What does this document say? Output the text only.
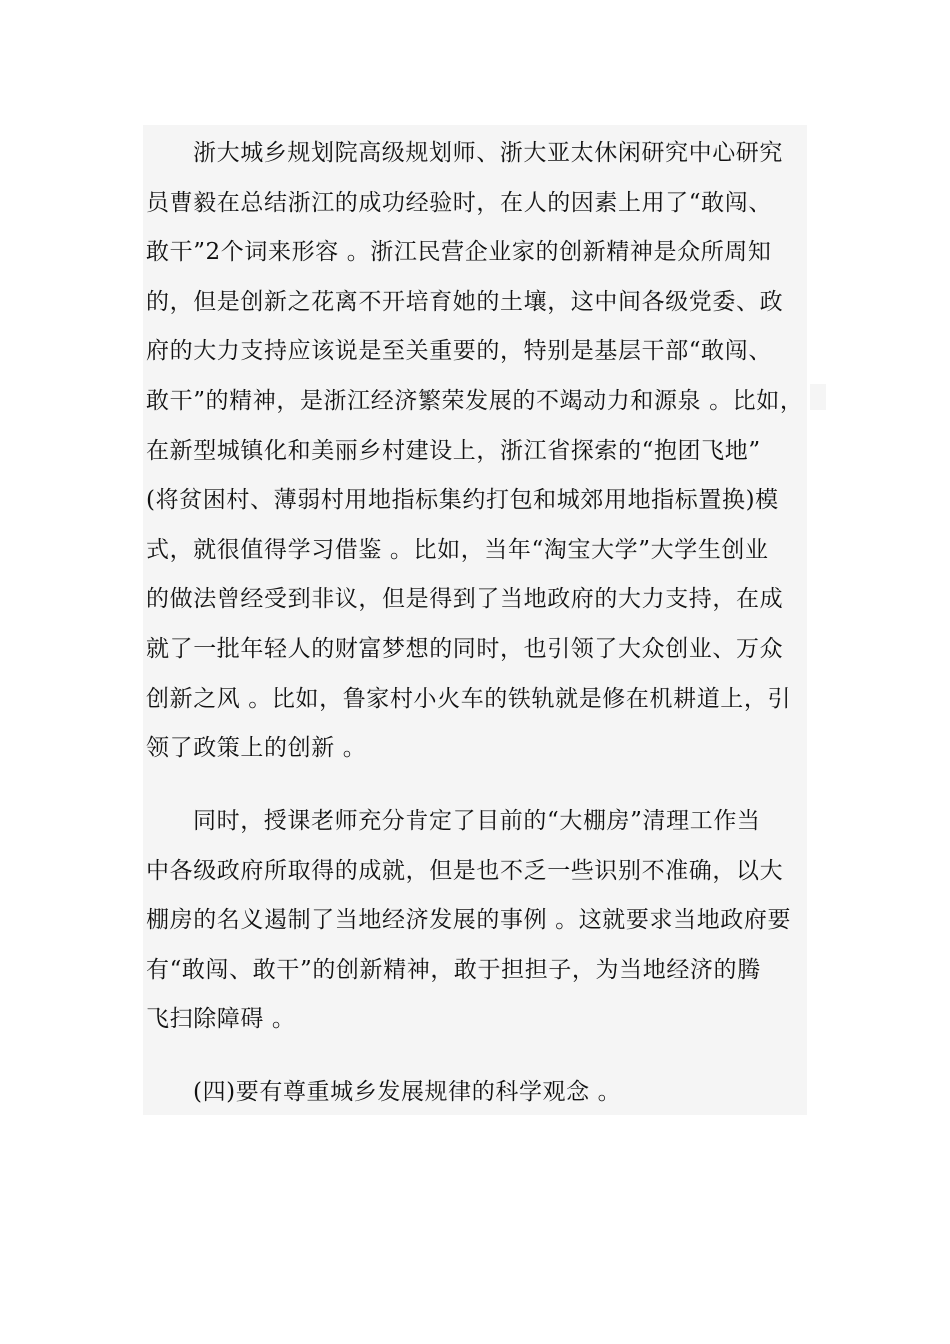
浙大城乡规划院高级规划师、浙大亚太休闲研究中心研究
员曹毅在总结浙江的成功经验时，在人的因素上用了“敢闯、
敢干”2个词来形容 。浙江民营企业家的创新精神是众所周知
的，但是创新之花离不开培育她的土壤，这中间各级党委、政
府的大力支持应该说是至关重要的，特别是基层干部“敢闯、
敢干”的精神，是浙江经济繁荣发展的不竭动力和源泉 。比如，
在新型城镇化和美丽乡村建设上，浙江省探索的“抱团飞地”
(将贫困村、薄弱村用地指标集约打包和城郊用地指标置换)模
式，就很值得学习借鉴 。比如，当年“淘宝大学”大学生创业
的做法曾经受到非议，但是得到了当地政府的大力支持，在成
就了一批年轻人的财富梦想的同时，也引领了大众创业、万众
创新之风 。比如，鲁家村小火车的铁轨就是修在机耕道上，引
领了政策上的创新 。
同时，授课老师充分肯定了目前的“大棚房”清理工作当
中各级政府所取得的成就，但是也不乏一些识别不准确，以大
棚房的名义遏制了当地经济发展的事例 。这就要求当地政府要
有“敢闯、敢干”的创新精神，敢于担担子，为当地经济的腾
飞扫除障碍 。
(四)要有尊重城乡发展规律的科学观念 。
